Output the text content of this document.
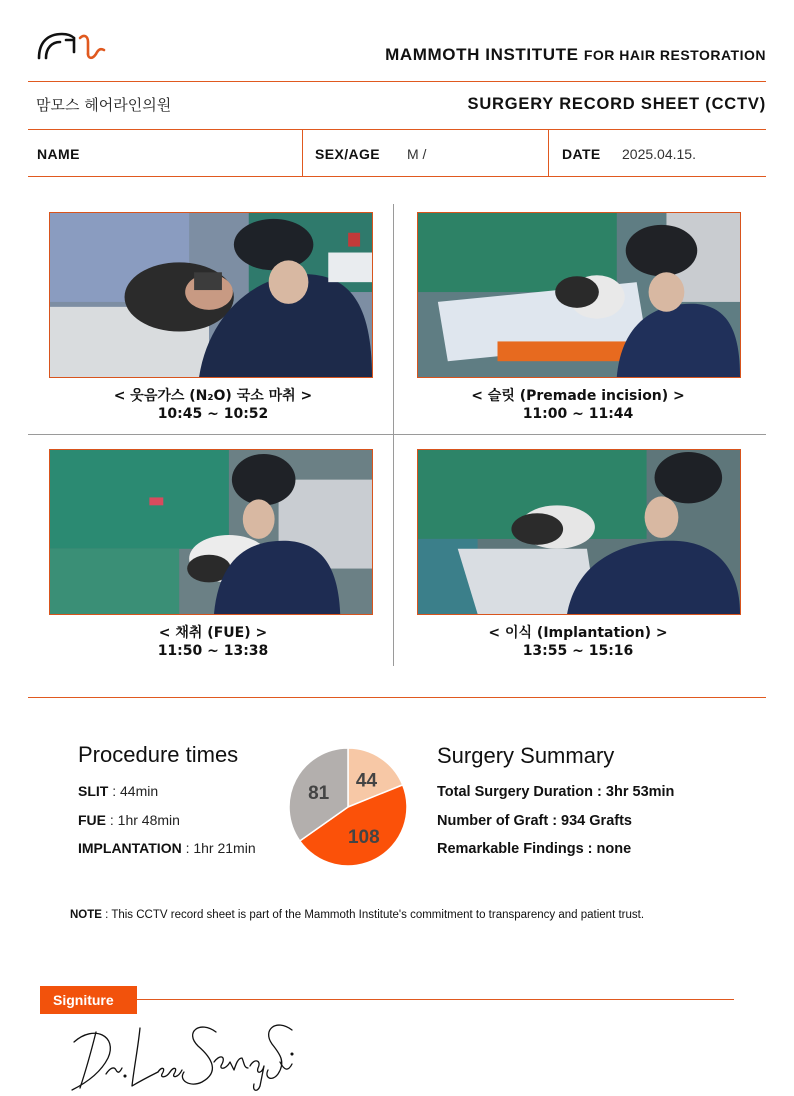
MAMMOTH INSTITUTE FOR HAIR RESTORATION
맘모스 헤어라인의원	SURGERY RECORD SHEET (CCTV)
NAME	SEX/AGE M /	DATE 2025.04.15.
< 웃음가스 (N₂O) 국소 마취 >
10:45 ~ 10:52
< 슬릿 (Premade incision) >
11:00 ~ 11:44
< 채취 (FUE) >
11:50 ~ 13:38
< 이식 (Implantation) >
13:55 ~ 15:16
Procedure times
SLIT : 44min
FUE : 1hr 48min
IMPLANTATION : 1hr 21min
44
108
81
Surgery Summary
Total Surgery Duration : 3hr 53min
Number of Graft : 934 Grafts
Remarkable Findings : none
NOTE : This CCTV record sheet is part of the Mammoth Institute's commitment to transparency and patient trust.
Signiture
